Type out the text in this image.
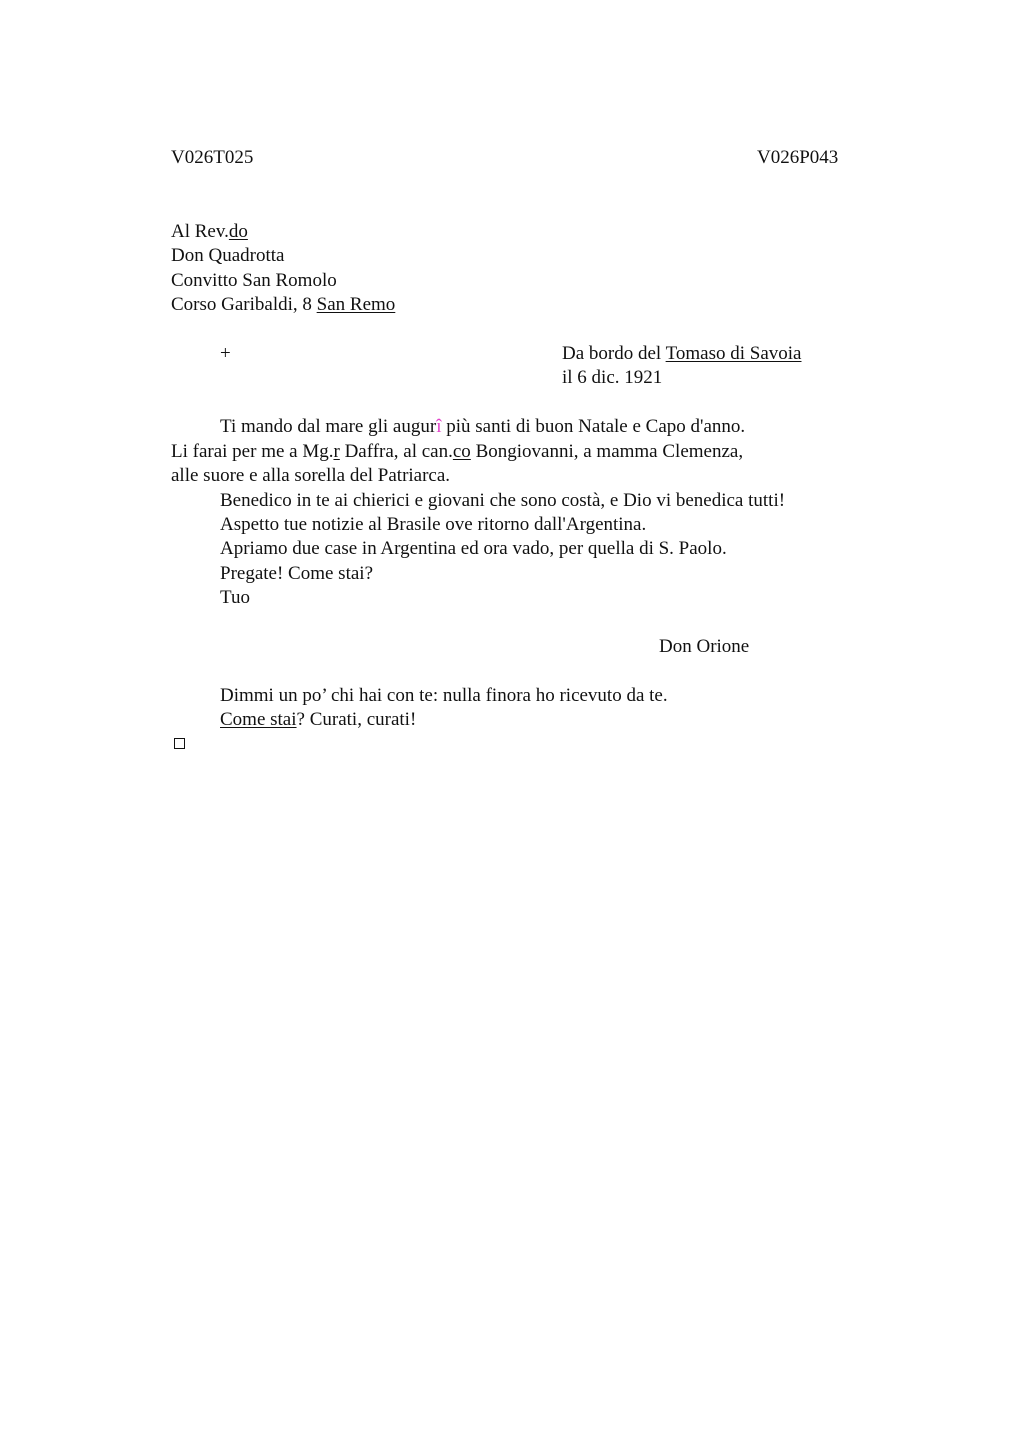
V026T025	V026P043
Al Rev.do
Don Quadrotta
Convitto San Romolo
Corso Garibaldi, 8 San Remo
+	Da bordo del Tomaso di Savoia
il 6 dic. 1921
Ti mando dal mare gli augurî più santi di buon Natale e Capo d'anno.
Li farai per me a Mg.r Daffra, al can.co Bongiovanni, a mamma Clemenza,
alle suore e alla sorella del Patriarca.
Benedico in te ai chierici e giovani che sono costà, e Dio vi benedica tutti!
Aspetto tue notizie al Brasile ove ritorno dall'Argentina.
Apriamo due case in Argentina ed ora vado, per quella di S. Paolo.
Pregate! Come stai?
Tuo
Don Orione
Dimmi un po’ chi hai con te: nulla finora ho ricevuto da te.
Come stai? Curati, curati!
